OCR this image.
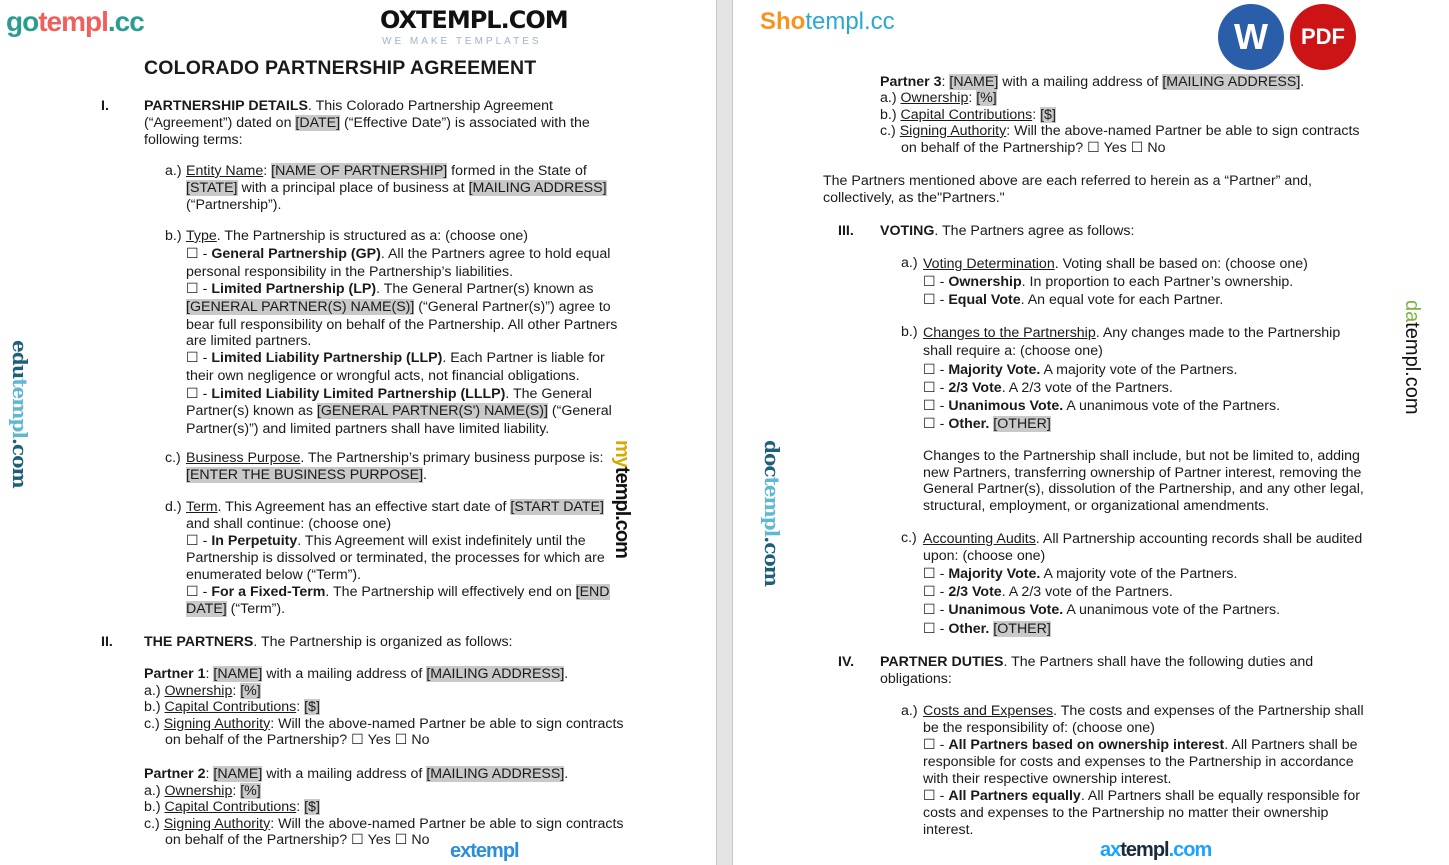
COLORADO PARTNERSHIP AGREEMENT
I. PARTNERSHIP DETAILS. This Colorado Partnership Agreement
(“Agreement”) dated on [DATE] (“Effective Date”) is associated with the
following terms:
a.) Entity Name: [NAME OF PARTNERSHIP] formed in the State of
[STATE] with a principal place of business at [MAILING ADDRESS]
(“Partnership”).
b.) Type. The Partnership is structured as a: (choose one)
☐ - General Partnership (GP). All the Partners agree to hold equal
personal responsibility in the Partnership’s liabilities.
☐ - Limited Partnership (LP). The General Partner(s) known as
[GENERAL PARTNER(S) NAME(S)] (“General Partner(s)”) agree to
bear full responsibility on behalf of the Partnership. All other Partners
are limited partners.
☐ - Limited Liability Partnership (LLP). Each Partner is liable for
their own negligence or wrongful acts, not financial obligations.
☐ - Limited Liability Limited Partnership (LLLP). The General
Partner(s) known as [GENERAL PARTNER(S') NAME(S)] (“General
Partner(s)”) and limited partners shall have limited liability.
c.) Business Purpose. The Partnership’s primary business purpose is:
[ENTER THE BUSINESS PURPOSE].
d.) Term. This Agreement has an effective start date of [START DATE]
and shall continue: (choose one)
☐ - In Perpetuity. This Agreement will exist indefinitely until the
Partnership is dissolved or terminated, the processes for which are
enumerated below (“Term”).
☐ - For a Fixed-Term. The Partnership will effectively end on [END
DATE] (“Term”).
II. THE PARTNERS. The Partnership is organized as follows:
Partner 1: [NAME] with a mailing address of [MAILING ADDRESS].
a.) Ownership: [%]
b.) Capital Contributions: [$]
c.) Signing Authority: Will the above-named Partner be able to sign contracts
on behalf of the Partnership? ☐ Yes ☐ No
Partner 2: [NAME] with a mailing address of [MAILING ADDRESS].
a.) Ownership: [%]
b.) Capital Contributions: [$]
c.) Signing Authority: Will the above-named Partner be able to sign contracts
on behalf of the Partnership? ☐ Yes ☐ No
Partner 3: [NAME] with a mailing address of [MAILING ADDRESS].
a.) Ownership: [%]
b.) Capital Contributions: [$]
c.) Signing Authority: Will the above-named Partner be able to sign contracts
on behalf of the Partnership? ☐ Yes ☐ No
The Partners mentioned above are each referred to herein as a “Partner” and,
collectively, as the"Partners."
III. VOTING. The Partners agree as follows:
a.) Voting Determination. Voting shall be based on: (choose one)
☐ - Ownership. In proportion to each Partner’s ownership.
☐ - Equal Vote. An equal vote for each Partner.
b.) Changes to the Partnership. Any changes made to the Partnership
shall require a: (choose one)
☐ - Majority Vote. A majority vote of the Partners.
☐ - 2/3 Vote. A 2/3 vote of the Partners.
☐ - Unanimous Vote. A unanimous vote of the Partners.
☐ - Other. [OTHER]
Changes to the Partnership shall include, but not be limited to, adding
new Partners, transferring ownership of Partner interest, removing the
General Partner(s), dissolution of the Partnership, and any other legal,
structural, employment, or organizational amendments.
c.) Accounting Audits. All Partnership accounting records shall be audited
upon: (choose one)
☐ - Majority Vote. A majority vote of the Partners.
☐ - 2/3 Vote. A 2/3 vote of the Partners.
☐ - Unanimous Vote. A unanimous vote of the Partners.
☐ - Other. [OTHER]
IV. PARTNER DUTIES. The Partners shall have the following duties and
obligations:
a.) Costs and Expenses. The costs and expenses of the Partnership shall
be the responsibility of: (choose one)
☐ - All Partners based on ownership interest. All Partners shall be
responsible for costs and expenses to the Partnership in accordance
with their respective ownership interest.
☐ - All Partners equally. All Partners shall be equally responsible for
costs and expenses to the Partnership no matter their ownership
interest.
W PDF
gotempl.cc	OXTEMPL.COM
WE MAKE TEMPLATES
mytempl.com
edutempl.com
extempl
Shotempl.cc
datempl.com
doctempl.com
axtempl.com
